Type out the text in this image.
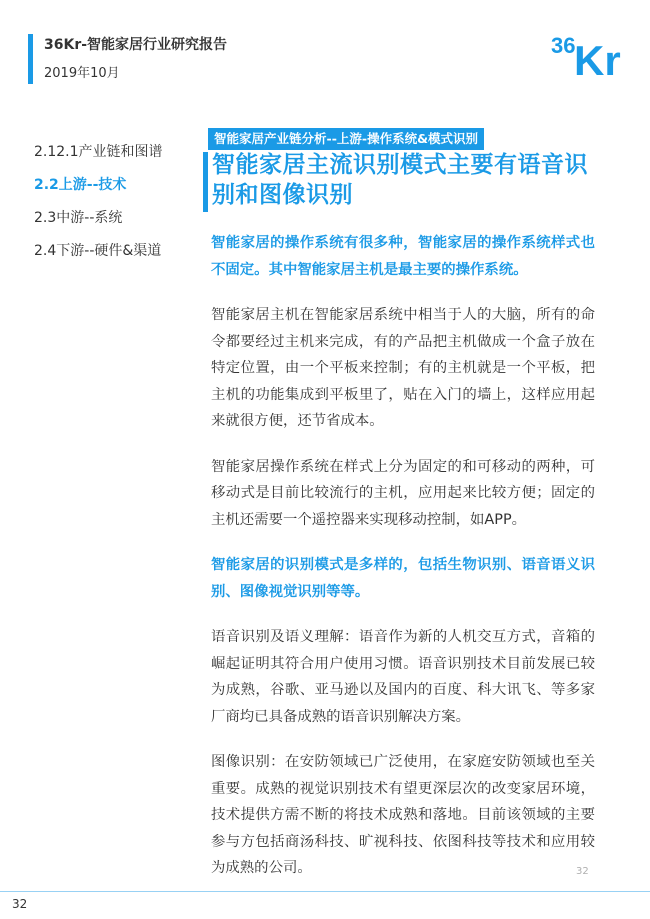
36Kr-智能家居行业研究报告
2019年10月
36
Kr
2.12.1产业链和图谱
2.2上游--技术
2.3中游--系统
2.4下游--硬件&渠道
智能家居产业链分析--上游-操作系统&模式识别
智能家居主流识别模式主要有语音识别和图像识别

智能家居的操作系统有很多种，智能家居的操作系统样式也不固定。其中智能家居主机是最主要的操作系统。

智能家居主机在智能家居系统中相当于人的大脑，所有的命令都要经过主机来完成，有的产品把主机做成一个盒子放在特定位置，由一个平板来控制；有的主机就是一个平板，把主机的功能集成到平板里了，贴在入门的墙上，这样应用起来就很方便，还节省成本。

智能家居操作系统在样式上分为固定的和可移动的两种，可移动式是目前比较流行的主机，应用起来比较方便；固定的主机还需要一个遥控器来实现移动控制，如APP。

智能家居的识别模式是多样的，包括生物识别、语音语义识别、图像视觉识别等等。

语音识别及语义理解：语音作为新的人机交互方式，音箱的崛起证明其符合用户使用习惯。语音识别技术目前发展已较为成熟，谷歌、亚马逊以及国内的百度、科大讯飞、等多家厂商均已具备成熟的语音识别解决方案。

图像识别：在安防领域已广泛使用，在家庭安防领域也至关重要。成熟的视觉识别技术有望更深层次的改变家居环境，技术提供方需不断的将技术成熟和落地。目前该领域的主要参与方包括商汤科技、旷视科技、依图科技等技术和应用较为成熟的公司。	32
32
